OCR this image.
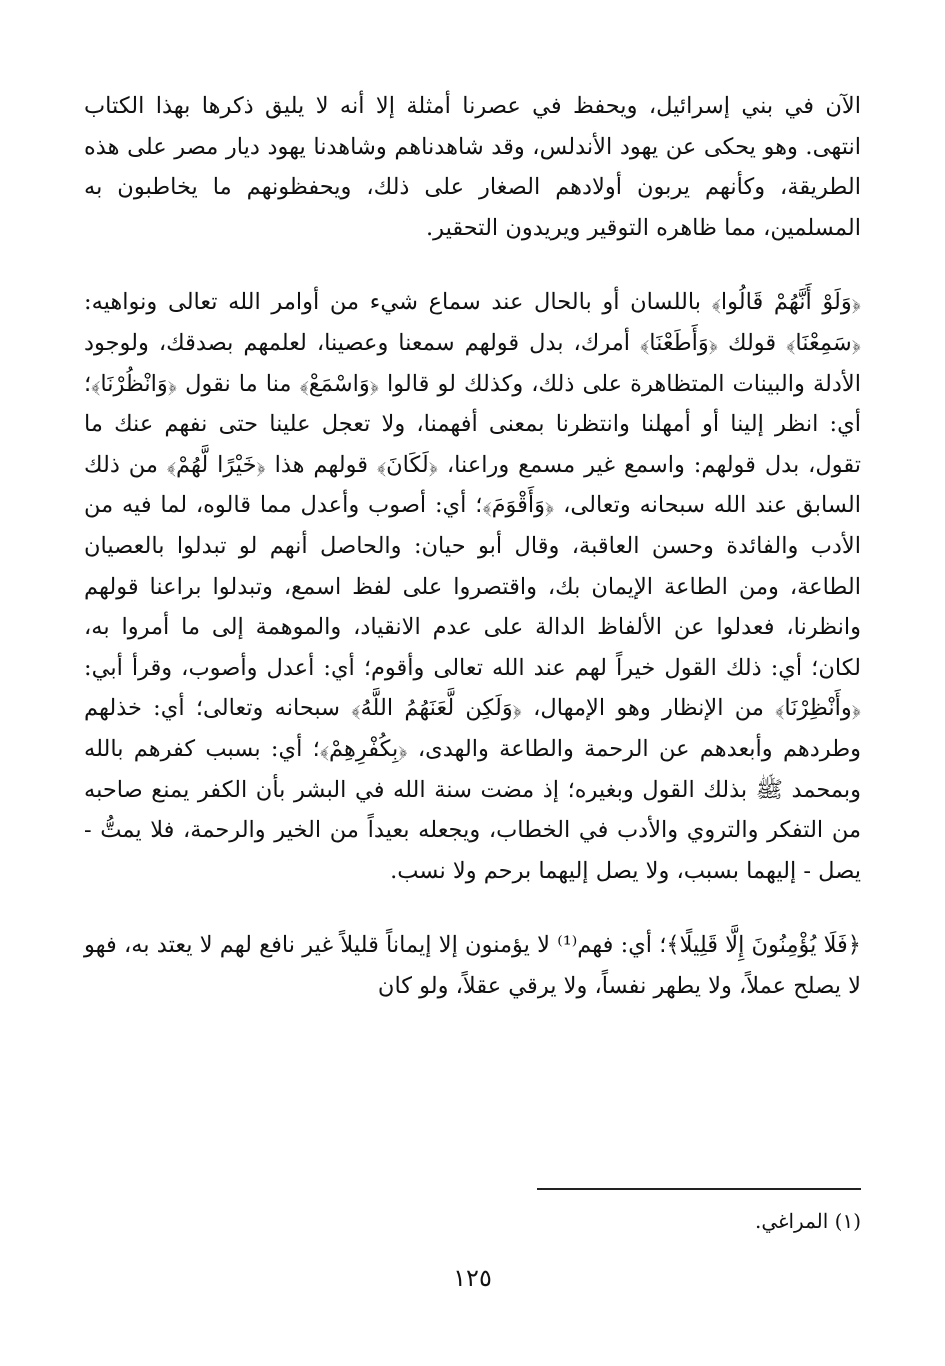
الآن في بني إسرائيل، ويحفظ في عصرنا أمثلة إلا أنه لا يليق ذكرها بهذا الكتاب انتهى. وهو يحكى عن يهود الأندلس، وقد شاهدناهم وشاهدنا يهود ديار مصر على هذه الطريقة، وكأنهم يربون أولادهم الصغار على ذلك، ويحفظونهم ما يخاطبون به المسلمين، مما ظاهره التوقير ويريدون التحقير.

﴿وَلَوْ أَنَّهُمْ قَالُوا﴾ باللسان أو بالحال عند سماع شيء من أوامر الله تعالى ونواهيه: ﴿سَمِعْنَا﴾ قولك ﴿وَأَطَعْنَا﴾ أمرك، بدل قولهم سمعنا وعصينا، لعلمهم بصدقك، ولوجود الأدلة والبينات المتظاهرة على ذلك، وكذلك لو قالوا ﴿وَاسْمَعْ﴾ منا ما نقول ﴿وَانْظُرْنَا﴾؛ أي: انظر إلينا أو أمهلنا وانتظرنا بمعنى أفهمنا، ولا تعجل علينا حتى نفهم عنك ما تقول، بدل قولهم: واسمع غير مسمع وراعنا، ﴿لَكَانَ﴾ قولهم هذا ﴿خَيْرًا لَّهُمْ﴾ من ذلك السابق عند الله سبحانه وتعالى، ﴿وَأَقْوَمَ﴾؛ أي: أصوب وأعدل مما قالوه، لما فيه من الأدب والفائدة وحسن العاقبة، وقال أبو حيان: والحاصل أنهم لو تبدلوا بالعصيان الطاعة، ومن الطاعة الإيمان بك، واقتصروا على لفظ اسمع، وتبدلوا براعنا قولهم وانظرنا، فعدلوا عن الألفاظ الدالة على عدم الانقياد، والموهمة إلى ما أمروا به، لكان؛ أي: ذلك القول خيراً لهم عند الله تعالى وأقوم؛ أي: أعدل وأصوب، وقرأ أبي: ﴿وأَنْظِرْنَا﴾ من الإنظار وهو الإمهال، ﴿وَلَكِن لَّعَنَهُمُ اللَّهُ﴾ سبحانه وتعالى؛ أي: خذلهم وطردهم وأبعدهم عن الرحمة والطاعة والهدى، ﴿بِكُفْرِهِمْ﴾؛ أي: بسبب كفرهم بالله وبمحمد ﷺ بذلك القول وبغيره؛ إذ مضت سنة الله في البشر بأن الكفر يمنع صاحبه من التفكر والتروي والأدب في الخطاب، ويجعله بعيداً من الخير والرحمة، فلا يمتُّ - يصل - إليهما بسبب، ولا يصل إليهما برحم ولا نسب.

﴿فَلَا يُؤْمِنُونَ إِلَّا قَلِيلًا﴾؛ أي: فهم⁽¹⁾ لا يؤمنون إلا إيماناً قليلاً غير نافع لهم لا يعتد به، فهو لا يصلح عملاً، ولا يطهر نفساً، ولا يرقي عقلاً، ولو كان

(١) المراغي.
١٢٥
